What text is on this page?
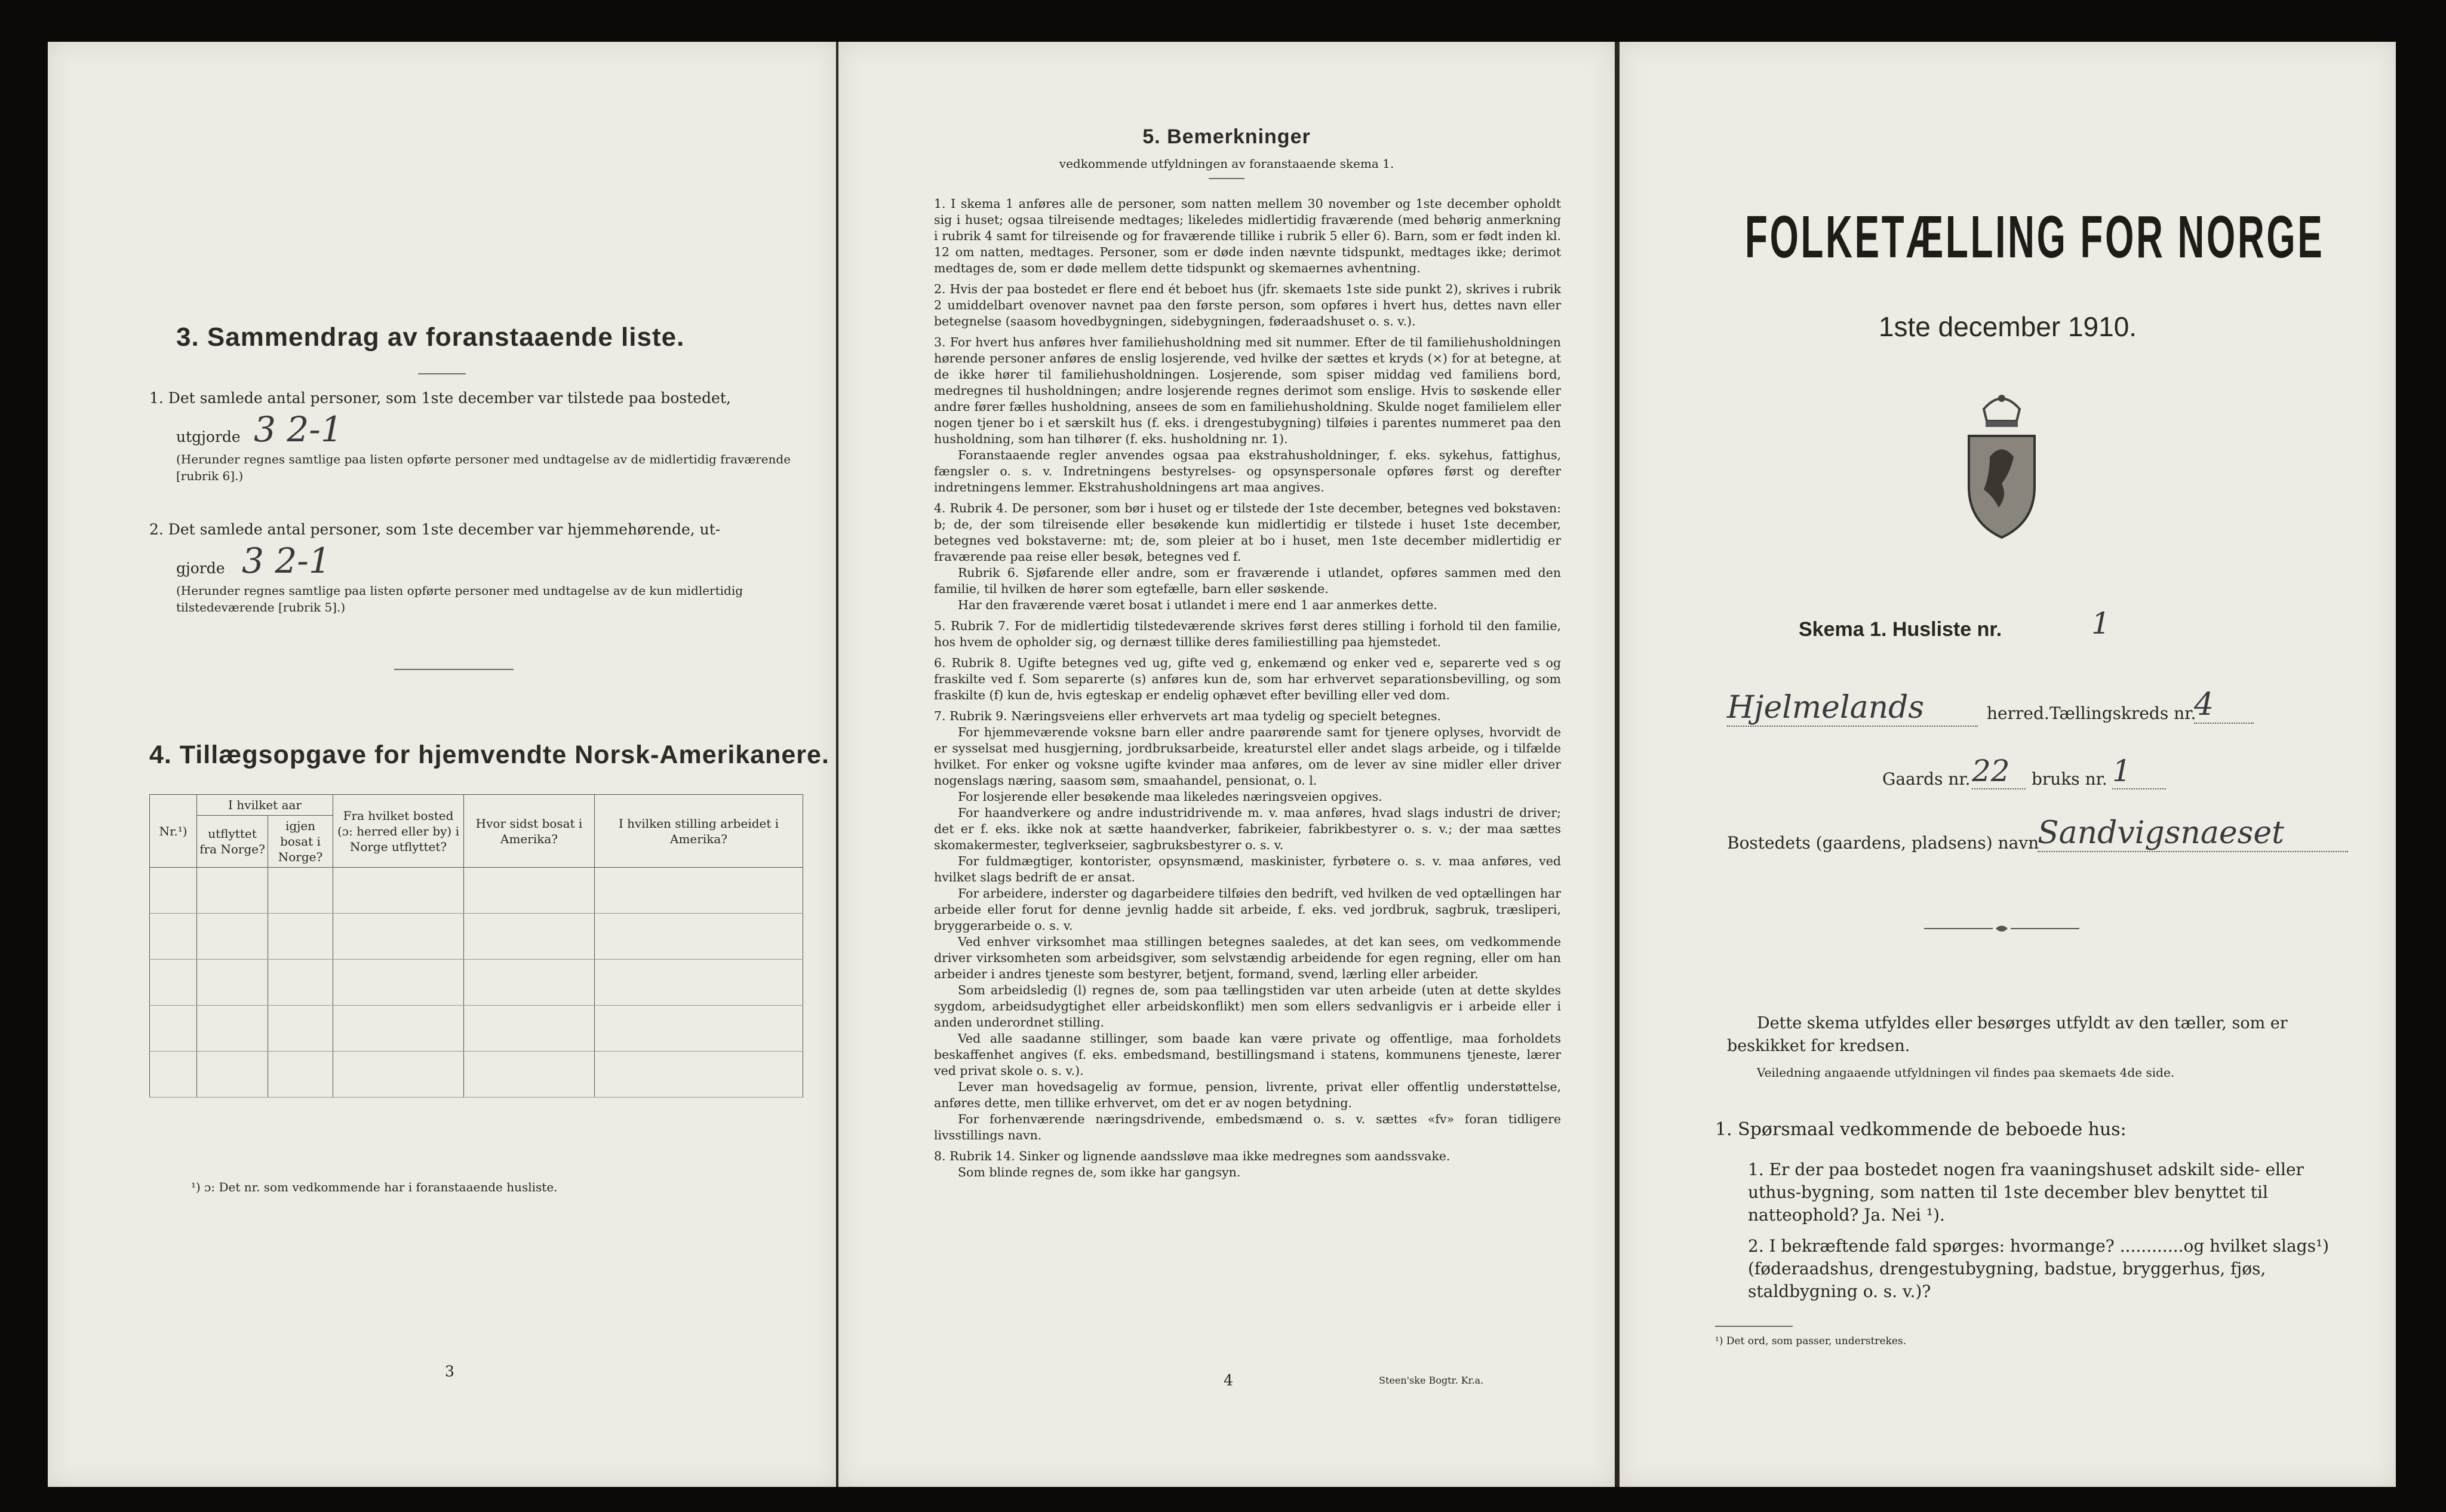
3. Sammendrag av foranstaaende liste.
1. Det samlede antal personer, som 1ste december var tilstede paa bostedet,
utgjorde 3 2-1
(Herunder regnes samtlige paa listen opførte personer med undtagelse av de midlertidig fraværende [rubrik 6].)
2. Det samlede antal personer, som 1ste december var hjemmehørende, ut-
gjorde 3 2-1
(Herunder regnes samtlige paa listen opførte personer med undtagelse av de kun midlertidig tilstedeværende [rubrik 5].)
4. Tillægsopgave for hjemvendte Norsk-Amerikanere.
Nr.¹)	I hvilket aar		Fra hvilket bosted (ɔ: herred eller by) i Norge utflyttet?	Hvor sidst bosat i Amerika?	I hvilken stilling arbeidet i Amerika?
	utflyttet fra Norge?	igjen bosat i Norge?			

¹) ɔ: Det nr. som vedkommende har i foranstaaende husliste.
3
5. Bemerkninger
vedkommende utfyldningen av foranstaaende skema 1.

1. I skema 1 anføres alle de personer, som natten mellem 30 november og 1ste december opholdt sig i huset; ogsaa tilreisende medtages; likeledes midlertidig fraværende (med behørig anmerkning i rubrik 4 samt for tilreisende og for fraværende tillike i rubrik 5 eller 6). Barn, som er født inden kl. 12 om natten, medtages. Personer, som er døde inden nævnte tidspunkt, medtages ikke; derimot medtages de, som er døde mellem dette tidspunkt og skemaernes avhentning.

2. Hvis der paa bostedet er flere end ét beboet hus (jfr. skemaets 1ste side punkt 2), skrives i rubrik 2 umiddelbart ovenover navnet paa den første person, som opføres i hvert hus, dettes navn eller betegnelse (saasom hovedbygningen, sidebygningen, føderaadshuset o. s. v.).

3. For hvert hus anføres hver familiehusholdning med sit nummer. Efter de til familiehusholdningen hørende personer anføres de enslig losjerende, ved hvilke der sættes et kryds (×) for at betegne, at de ikke hører til familiehusholdningen. Losjerende, som spiser middag ved familiens bord, medregnes til husholdningen; andre losjerende regnes derimot som enslige. Hvis to søskende eller andre fører fælles husholdning, ansees de som en familiehusholdning. Skulde noget familielem eller nogen tjener bo i et særskilt hus (f. eks. i drengestubygning) tilføies i parentes nummeret paa den husholdning, som han tilhører (f. eks. husholdning nr. 1).

Foranstaaende regler anvendes ogsaa paa ekstrahusholdninger, f. eks. sykehus, fattighus, fængsler o. s. v. Indretningens bestyrelses- og opsynspersonale opføres først og derefter indretningens lemmer. Ekstrahusholdningens art maa angives.

4. Rubrik 4. De personer, som bør i huset og er tilstede der 1ste december, betegnes ved bokstaven: b; de, der som tilreisende eller besøkende kun midlertidig er tilstede i huset 1ste december, betegnes ved bokstaverne: mt; de, som pleier at bo i huset, men 1ste december midlertidig er fraværende paa reise eller besøk, betegnes ved f.

Rubrik 6. Sjøfarende eller andre, som er fraværende i utlandet, opføres sammen med den familie, til hvilken de hører som egtefælle, barn eller søskende.

Har den fraværende været bosat i utlandet i mere end 1 aar anmerkes dette.

5. Rubrik 7. For de midlertidig tilstedeværende skrives først deres stilling i forhold til den familie, hos hvem de opholder sig, og dernæst tillike deres familiestilling paa hjemstedet.

6. Rubrik 8. Ugifte betegnes ved ug, gifte ved g, enkemænd og enker ved e, separerte ved s og fraskilte ved f. Som separerte (s) anføres kun de, som har erhvervet separationsbevilling, og som fraskilte (f) kun de, hvis egteskap er endelig ophævet efter bevilling eller ved dom.

7. Rubrik 9. Næringsveiens eller erhvervets art maa tydelig og specielt betegnes.

For hjemmeværende voksne barn eller andre paarørende samt for tjenere oplyses, hvorvidt de er sysselsat med husgjerning, jordbruksarbeide, kreaturstel eller andet slags arbeide, og i tilfælde hvilket. For enker og voksne ugifte kvinder maa anføres, om de lever av sine midler eller driver nogenslags næring, saasom søm, smaahandel, pensionat, o. l.

For losjerende eller besøkende maa likeledes næringsveien opgives.

For haandverkere og andre industridrivende m. v. maa anføres, hvad slags industri de driver; det er f. eks. ikke nok at sætte haandverker, fabrikeier, fabrikbestyrer o. s. v.; der maa sættes skomakermester, teglverkseier, sagbruksbestyrer o. s. v.

For fuldmægtiger, kontorister, opsynsmænd, maskinister, fyrbøtere o. s. v. maa anføres, ved hvilket slags bedrift de er ansat.

For arbeidere, inderster og dagarbeidere tilføies den bedrift, ved hvilken de ved optællingen har arbeide eller forut for denne jevnlig hadde sit arbeide, f. eks. ved jordbruk, sagbruk, træsliperi, bryggerarbeide o. s. v.

Ved enhver virksomhet maa stillingen betegnes saaledes, at det kan sees, om vedkommende driver virksomheten som arbeidsgiver, som selvstændig arbeidende for egen regning, eller om han arbeider i andres tjeneste som bestyrer, betjent, formand, svend, lærling eller arbeider.

Som arbeidsledig (l) regnes de, som paa tællingstiden var uten arbeide (uten at dette skyldes sygdom, arbeidsudygtighet eller arbeidskonflikt) men som ellers sedvanligvis er i arbeide eller i anden underordnet stilling.

Ved alle saadanne stillinger, som baade kan være private og offentlige, maa forholdets beskaffenhet angives (f. eks. embedsmand, bestillingsmand i statens, kommunens tjeneste, lærer ved privat skole o. s. v.).

Lever man hovedsagelig av formue, pension, livrente, privat eller offentlig understøttelse, anføres dette, men tillike erhvervet, om det er av nogen betydning.

For forhenværende næringsdrivende, embedsmænd o. s. v. sættes «fv» foran tidligere livsstillings navn.

8. Rubrik 14. Sinker og lignende aandssløve maa ikke medregnes som aandssvake.

Som blinde regnes de, som ikke har gangsyn.

4	Steen'ske Bogtr. Kr.a.
FOLKETÆLLING FOR NORGE
1ste december 1910.
Skema 1. Husliste nr.	1
Hjelmelands	herred. Tællingskreds nr.
4
Gaards nr. 22	bruks nr. 1
Bostedets (gaardens, pladsens) navn
Sandvigsnaeset
Dette skema utfyldes eller besørges utfyldt av den tæller, som er beskikket for kredsen.
Veiledning angaaende utfyldningen vil findes paa skemaets 4de side.
1. Spørsmaal vedkommende de beboede hus:
1. Er der paa bostedet nogen fra vaaningshuset adskilt side- eller uthus-bygning, som natten til 1ste december blev benyttet til natteophold? Ja. Nei ¹).
2. I bekræftende fald spørges: hvormange? ............og hvilket slags¹) (føderaadshus, drengestubygning, badstue, bryggerhus, fjøs, staldbygning o. s. v.)?
¹) Det ord, som passer, understrekes.
